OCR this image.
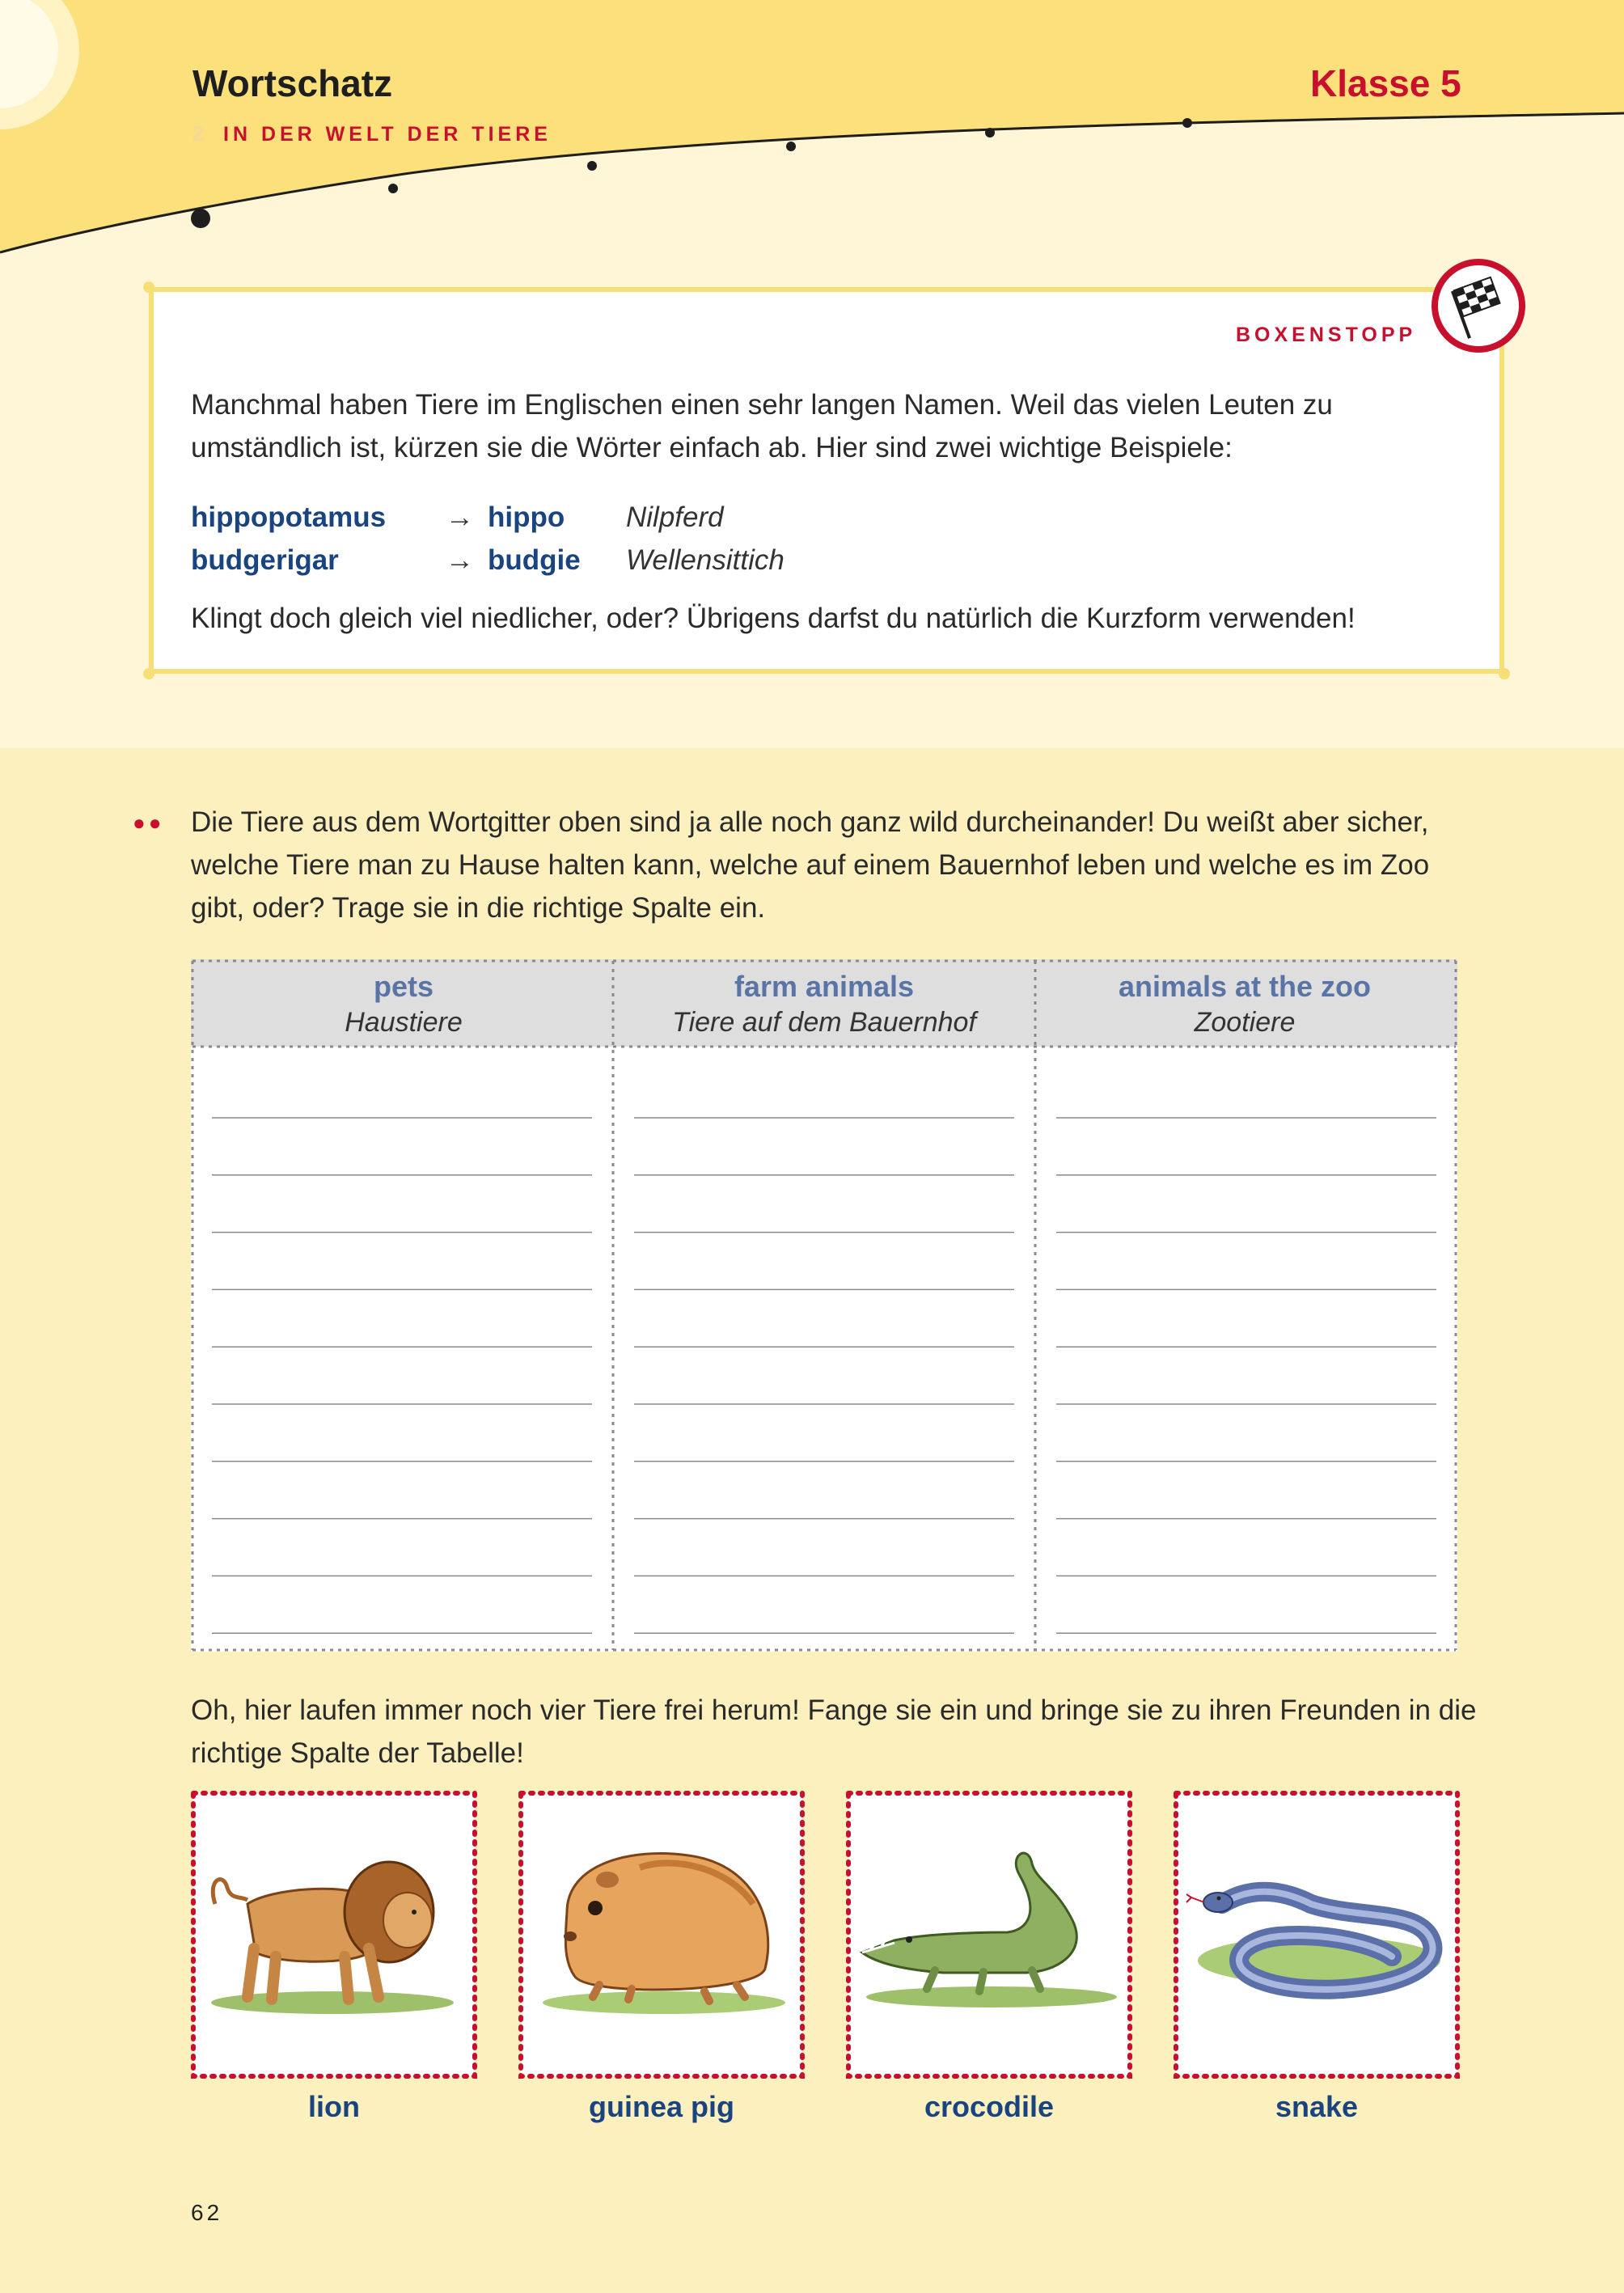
Wortschatz	Klasse 5
2 IN DER WELT DER TIERE
BOXENSTOPP
Manchmal haben Tiere im Englischen einen sehr langen Namen. Weil das vielen Leuten zu umständlich ist, kürzen sie die Wörter einfach ab. Hier sind zwei wichtige Beispiele:
hippopotamus → hippo Nilpferd
budgerigar	→ budgie Wellensittich
Klingt doch gleich viel niedlicher, oder? Übrigens darfst du natürlich die Kurzform verwenden!
●● Die Tiere aus dem Wortgitter oben sind ja alle noch ganz wild durcheinander! Du weißt aber sicher, welche Tiere man zu Hause halten kann, welche auf einem Bauernhof leben und welche es im Zoo gibt, oder? Trage sie in die richtige Spalte ein.
pets
Haustiere
farm animals
Tiere auf dem Bauernhof
animals at the zoo
Zootiere
Oh, hier laufen immer noch vier Tiere frei herum! Fange sie ein und bringe sie zu ihren Freunden in die richtige Spalte der Tabelle!
lion	guinea pig	crocodile	snake
62
